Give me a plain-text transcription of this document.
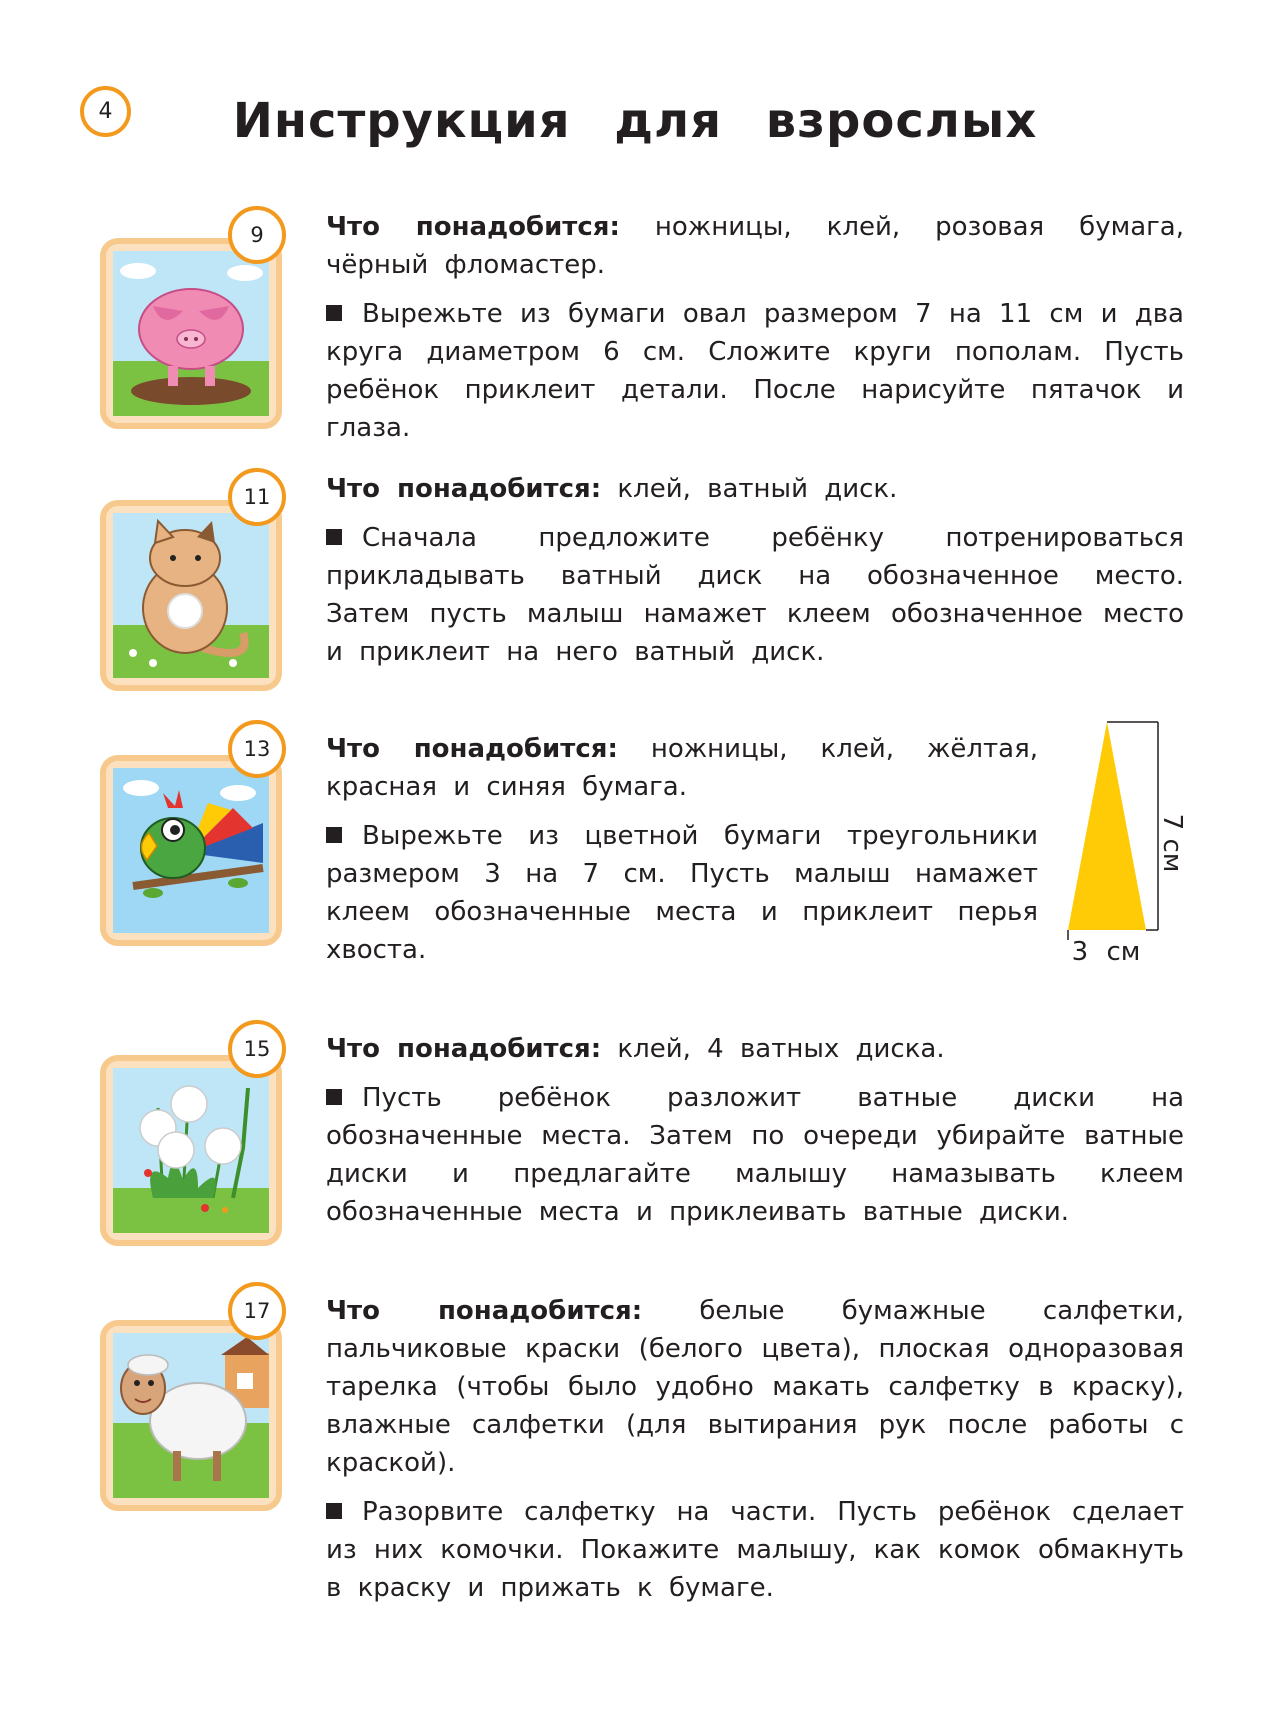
4	Инструкция для взрослых
9	Что понадобится: ножницы, клей, розовая бумага, чёрный фломастер.

Вырежьте из бумаги овал размером 7 на 11 см и два круга диаметром 6 см. Сложите круги пополам. Пусть ребёнок приклеит детали. После нарисуйте пятачок и глаза.

11	Что понадобится: клей, ватный диск.

Сначала предложите ребёнку потренироваться прикладывать ватный диск на обозначенное место. Затем пусть малыш намажет клеем обозначенное место и приклеит на него ватный диск.

13	Что понадобится: ножницы, клей, жёлтая, красная и синяя бумага.

Вырежьте из цветной бумаги треугольники размером 3 на 7 см. Пусть малыш намажет клеем обозначенные места и приклеит перья хвоста.

7 см
3 см
15	Что понадобится: клей, 4 ватных диска.

Пусть ребёнок разложит ватные диски на обозначенные места. Затем по очереди убирайте ватные диски и предлагайте малышу намазывать клеем обозначенные места и приклеивать ватные диски.

17	Что понадобится: белые бумажные салфетки, пальчиковые краски (белого цвета), плоская одноразовая тарелка (чтобы было удобно макать салфетку в краску), влажные салфетки (для вытирания рук после работы с краской).

Разорвите салфетку на части. Пусть ребёнок сделает из них комочки. Покажите малышу, как комок обмакнуть в краску и прижать к бумаге.
